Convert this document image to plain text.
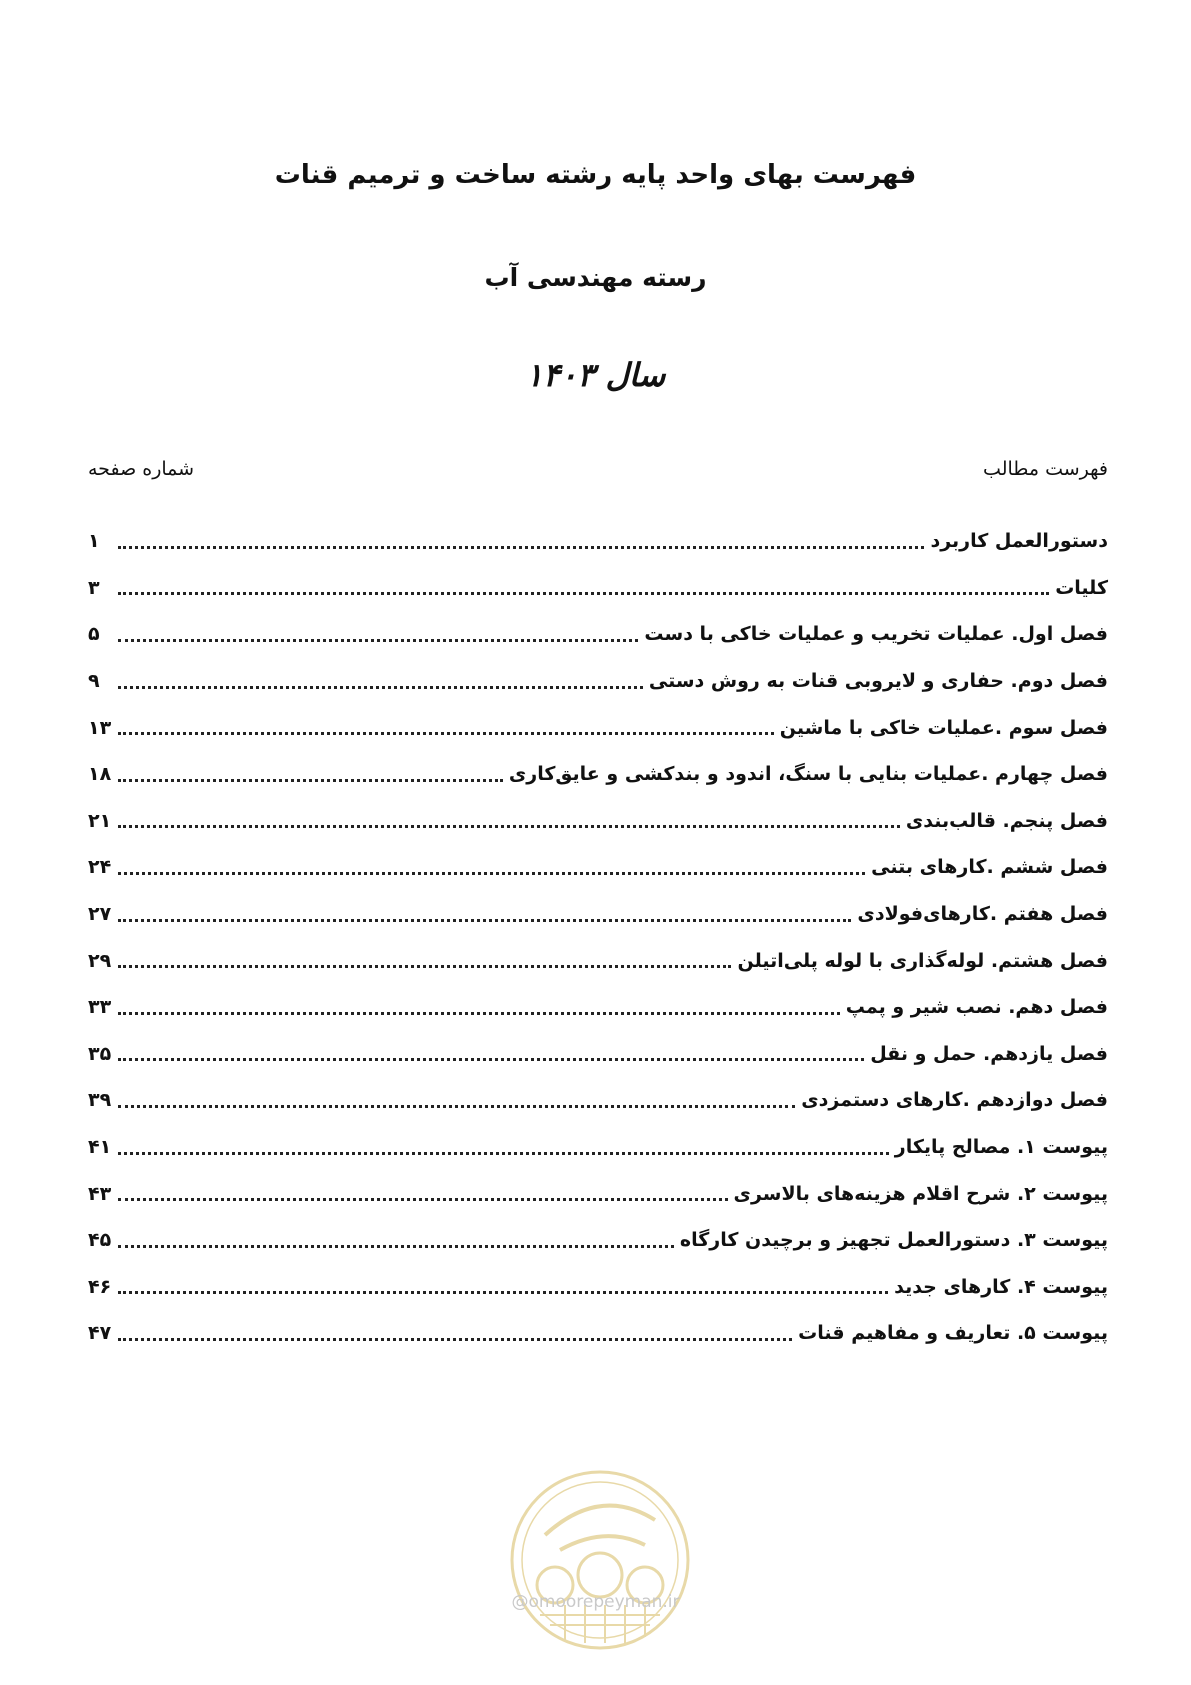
فهرست بهای واحد پایه رشته ساخت و ترمیم قنات
رسته مهندسی آب
سال ۱۴۰۳
فهرست مطالب
شماره صفحه
دستورالعمل کاربرد
۱
کلیات
۳
فصل اول. عملیات تخریب و عملیات خاکی با دست
۵
فصل دوم. حفاری و لایروبی قنات به روش دستی
۹
فصل سوم .عملیات خاکی با ماشین
۱۳
فصل چهارم .عملیات بنایی با سنگ، اندود و بندکشی و عایق‌کاری
۱۸
فصل پنجم. قالب‌بندی
۲۱
فصل ششم .کارهای بتنی
۲۴
فصل هفتم .کارهای‌فولادی
۲۷
فصل هشتم. لوله‌گذاری با لوله پلی‌اتیلن
۲۹
فصل دهم. نصب شیر و پمپ
۳۳
فصل یازدهم. حمل و نقل
۳۵
فصل دوازدهم .کارهای دستمزدی
۳۹
پیوست ۱. مصالح پایکار
۴۱
پیوست ۲. شرح اقلام هزینه‌های بالاسری
۴۳
پیوست ۳. دستورالعمل تجهیز و برچیدن کارگاه
۴۵
پیوست ۴. کارهای جدید
۴۶
پیوست ۵. تعاریف و مفاهیم قنات
۴۷
@omoorepeyman.ir
